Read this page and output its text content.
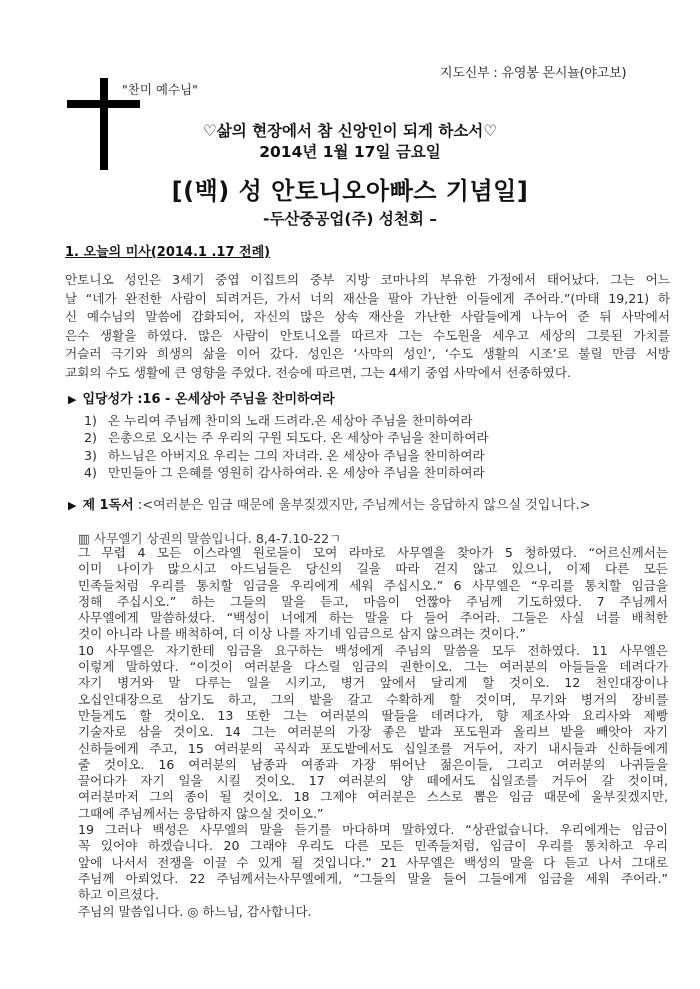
지도신부 : 유영봉 몬시뇰(야고보)
"찬미 예수님"
♡삶의 현장에서 참 신앙인이 되게 하소서♡
2014년 1월 17일 금요일
[(백) 성 안토니오아빠스 기념일]
-두산중공업(주) 성천회 –
1. 오늘의 미사(2014.1 .17 전례)
안토니오 성인은 3세기 중엽 이집트의 중부 지방 코마나의 부유한 가정에서 태어났다. 그는 어느
날 “네가 완전한 사람이 되려거든, 가서 너의 재산을 팔아 가난한 이들에게 주어라.”(마태 19,21) 하
신 예수님의 말씀에 감화되어, 자신의 많은 상속 재산을 가난한 사람들에게 나누어 준 뒤 사막에서
은수 생활을 하였다. 많은 사람이 안토니오를 따르자 그는 수도원을 세우고 세상의 그릇된 가치를
거슬러 극기와 희생의 삶을 이어 갔다. 성인은 ‘사막의 성인’, ‘수도 생활의 시조’로 불릴 만큼 서방
교회의 수도 생활에 큰 영향을 주었다. 전승에 따르면, 그는 4세기 중엽 사막에서 선종하였다.
▶ 입당성가 :16 - 온세상아 주님을 찬미하여라
1) 온 누리여 주님께 찬미의 노래 드려라.온 세상아 주님을 찬미하여라
2) 은총으로 오시는 주 우리의 구원 되도다. 온 세상아 주님을 찬미하여라
3) 하느님은 아버지요 우리는 그의 자녀라. 온 세상아 주님을 찬미하여라
4) 만민들아 그 은혜를 영원히 감사하여라. 온 세상아 주님을 찬미하여라
▶ 제 1독서 :<여러분은 임금 때문에 울부짖겠지만, 주님께서는 응답하지 않으실 것입니다.>
▥ 사무엘기 상권의 말씀입니다. 8,4-7.10-22ㄱ
그 무렵 4 모든 이스라엘 원로들이 모여 라마로 사무엘을 찾아가 5 청하였다. “어르신께서는
이미 나이가 많으시고 아드님들은 당신의 길을 따라 걷지 않고 있으니, 이제 다른 모든
민족들처럼 우리를 통치할 임금을 우리에게 세워 주십시오.” 6 사무엘은 “우리를 통치할 임금을
정해 주십시오.” 하는 그들의 말을 듣고, 마음이 언짢아 주님께 기도하였다. 7 주님께서
사무엘에게 말씀하셨다. “백성이 너에게 하는 말을 다 들어 주어라. 그들은 사실 너를 배척한
것이 아니라 나를 배척하여, 더 이상 나를 자기네 임금으로 삼지 않으려는 것이다.”
10 사무엘은 자기한테 임금을 요구하는 백성에게 주님의 말씀을 모두 전하였다. 11 사무엘은
이렇게 말하였다. “이것이 여러분을 다스릴 임금의 권한이오. 그는 여러분의 아들들을 데려다가
자기 병거와 말 다루는 일을 시키고, 병거 앞에서 달리게 할 것이오. 12 천인대장이나
오십인대장으로 삼기도 하고, 그의 밭을 갈고 수확하게 할 것이며, 무기와 병거의 장비를
만들게도 할 것이오. 13 또한 그는 여러분의 딸들을 데려다가, 향 제조사와 요리사와 제빵
기술자로 삼을 것이오. 14 그는 여러분의 가장 좋은 밭과 포도원과 올리브 밭을 빼앗아 자기
신하들에게 주고, 15 여러분의 곡식과 포도밭에서도 십일조를 거두어, 자기 내시들과 신하들에게
줄 것이오. 16 여러분의 남종과 여종과 가장 뛰어난 젊은이들, 그리고 여러분의 나귀들을
끌어다가 자기 일을 시킬 것이오. 17 여러분의 양 떼에서도 십일조를 거두어 갈 것이며,
여러분마저 그의 종이 될 것이오. 18 그제야 여러분은 스스로 뽑은 임금 때문에 울부짖겠지만,
그때에 주님께서는 응답하지 않으실 것이오.”
19 그러나 백성은 사무엘의 말을 듣기를 마다하며 말하였다. “상관없습니다. 우리에게는 임금이
꼭 있어야 하겠습니다. 20 그래야 우리도 다른 모든 민족들처럼, 임금이 우리를 통치하고 우리
앞에 나서서 전쟁을 이끌 수 있게 될 것입니다.” 21 사무엘은 백성의 말을 다 듣고 나서 그대로
주님께 아뢰었다. 22 주님께서는사무엘에게, “그들의 말을 들어 그들에게 임금을 세워 주어라.”
하고 이르셨다.
주님의 말씀입니다. ◎ 하느님, 감사합니다.
